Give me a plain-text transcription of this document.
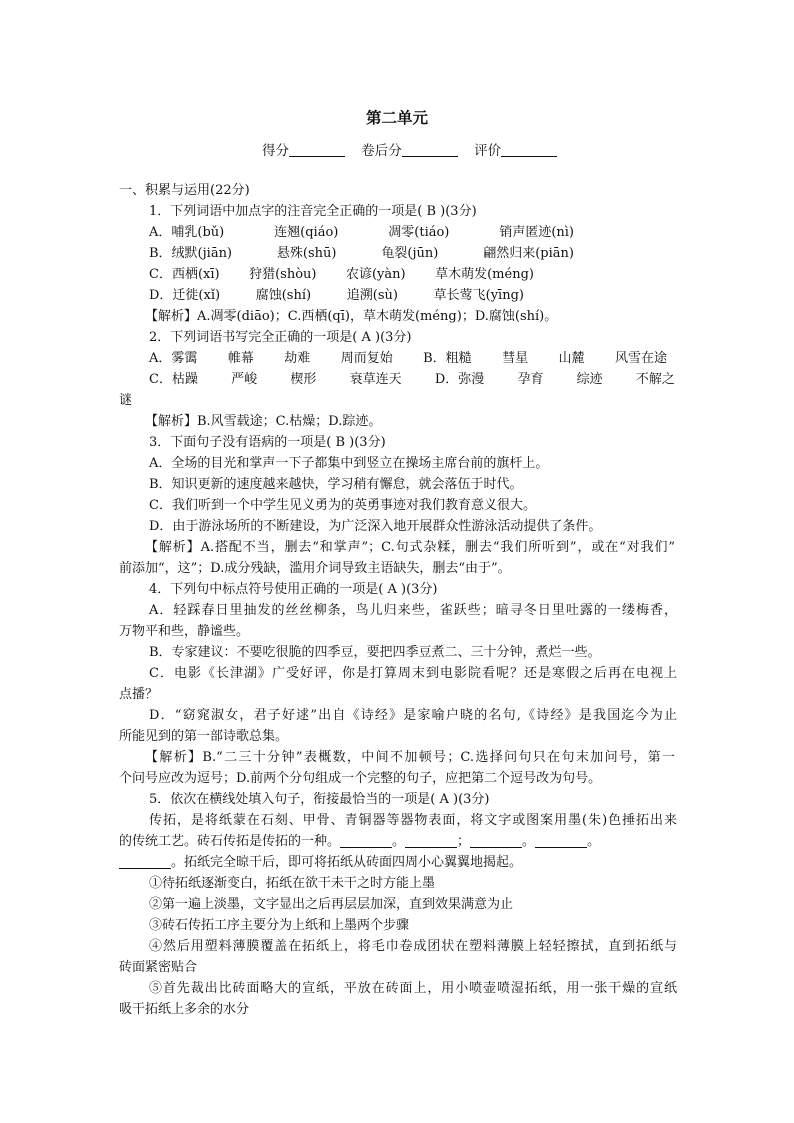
第二单元
得分	卷后分	评价
一、积累与运用(22分)
1．下列词语中加点字的注音完全正确的一项是( B )(3分)
A．哺乳(bǔ)	连翘(qiáo)	凋零(tiáo)	销声匿迹(nì)
B．绒默(jiān)	悬殊(shū)	龟裂(jūn)	翩然归来(piān)
C．西栖(xī) 狩猎(shòu) 农谚(yàn) 草木萌发(méng)
D．迁徙(xǐ)	腐蚀(shí)	追溯(sù)	草长莺飞(yīng)
【解析】A.凋零(diāo)；C.西栖(qī)，草木萌发(méng)；D.腐蚀(shí)。
2．下列词语书写完全正确的一项是( A )(3分)
A．雾霭 帷幕 劫难 周而复始 B．粗糙 彗星 山麓 风雪在途
C．枯躁	严峻	楔形	衰草连天	D．弥漫	孕育	综迹	不解之
谜
【解析】B.风雪载途；C.枯燥；D.踪迹。
3．下面句子没有语病的一项是( B )(3分)
A．全场的目光和掌声一下子都集中到竖立在操场主席台前的旗杆上。
B．知识更新的速度越来越快，学习稍有懈怠，就会落伍于时代。
C．我们听到一个中学生见义勇为的英勇事迹对我们教育意义很大。
D．由于游泳场所的不断建设，为广泛深入地开展群众性游泳活动提供了条件。
【解析】A.搭配不当，删去“和掌声”；C.句式杂糅，删去“我们所听到”，或在“对我们”
前添加“，这”；D.成分残缺，滥用介词导致主语缺失，删去“由于”。
4．下列句中标点符号使用正确的一项是( A )(3分)
A．轻踩春日里抽发的丝丝柳条，鸟儿归来些，雀跃些；暗寻冬日里吐露的一缕梅香，
万物平和些，静谧些。
B．专家建议：不要吃很脆的四季豆，要把四季豆煮二、三十分钟，煮烂一些。
C．电影《长津湖》广受好评，你是打算周末到电影院看呢？还是寒假之后再在电视上
点播？
D．“窈窕淑女，君子好逑”出自《诗经》是家喻户晓的名句,《诗经》是我国迄今为止
所能见到的第一部诗歌总集。
【解析】B.“二三十分钟”表概数，中间不加顿号；C.选择问句只在句末加问号，第一
个问号应改为逗号；D.前两个分句组成一个完整的句子，应把第二个逗号改为句号。
5．依次在横线处填入句子，衔接最恰当的一项是( A )(3分)
传拓，是将纸蒙在石刻、甲骨、青铜器等器物表面，将文字或图案用墨(朱)色捶拓出来
的传统工艺。砖石传拓是传拓的一种。	。	；	。	。
。拓纸完全晾干后，即可将拓纸从砖面四周小心翼翼地揭起。
①待拓纸逐渐变白，拓纸在欲干未干之时方能上墨
②第一遍上淡墨，文字显出之后再层层加深，直到效果满意为止
③砖石传拓工序主要分为上纸和上墨两个步骤
④然后用塑料薄膜覆盖在拓纸上，将毛巾卷成团状在塑料薄膜上轻轻擦拭，直到拓纸与
砖面紧密贴合
⑤首先裁出比砖面略大的宣纸，平放在砖面上，用小喷壶喷湿拓纸，用一张干燥的宣纸
吸干拓纸上多余的水分
